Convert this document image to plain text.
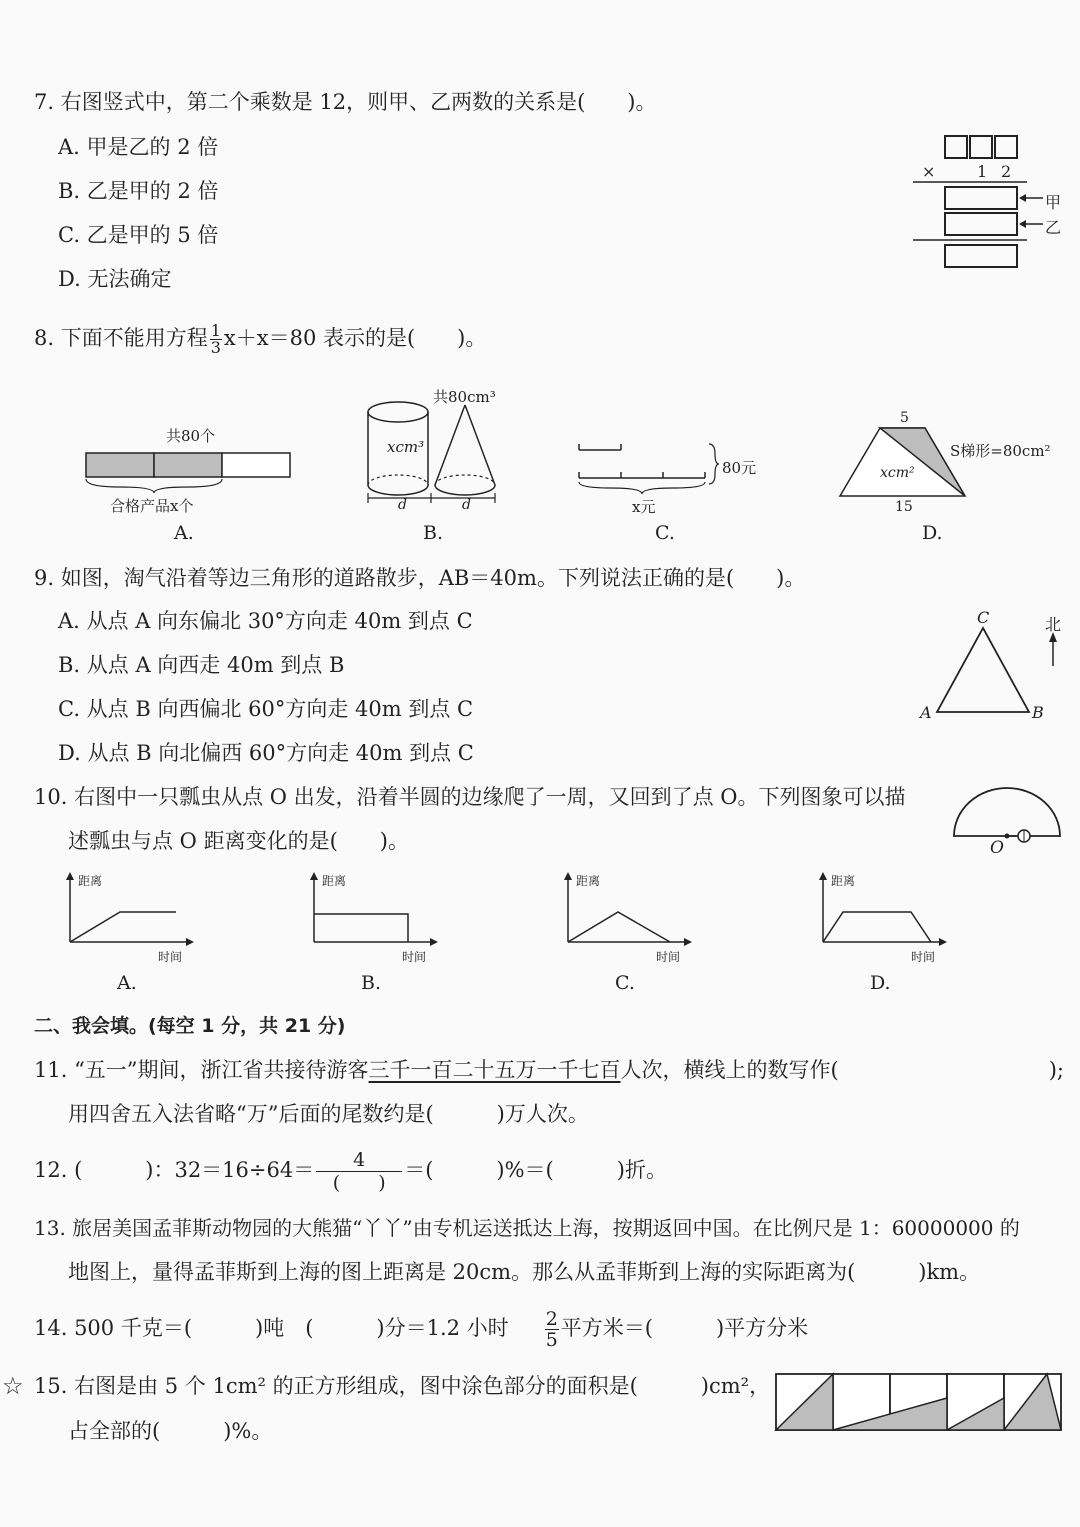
7. 右图竖式中，第二个乘数是 12，则甲、乙两数的关系是(　　)。
A. 甲是乙的 2 倍
B. 乙是甲的 2 倍
C. 乙是甲的 5 倍
D. 无法确定
×	1 2
甲
乙
8. 下面不能用方程 $\frac{1}{3} x+x=80$ 表示的是(　　)。
共80个
合格产品x个
A.
共80cm³
xcm³
d	d
B.
80元
x元
C.
5
xcm²
S梯形=80cm²
15
D.
9. 如图，淘气沿着等边三角形的道路散步，AB＝40m。下列说法正确的是(　　)。
A. 从点 A 向东偏北 30°方向走 40m 到点 C
B. 从点 A 向西走 40m 到点 B
C. 从点 B 向西偏北 60°方向走 40m 到点 C
D. 从点 B 向北偏西 60°方向走 40m 到点 C
C
A	B
北
10. 右图中一只瓢虫从点 O 出发，沿着半圆的边缘爬了一周，又回到了点 O。下列图象可以描
述瓢虫与点 O 距离变化的是(　　)。	O
距离
时间
A.
距离
时间
B.
距离
时间
C.
距离
时间
D.
二、我会填。(每空 1 分，共 21 分)
11. “五一”期间，浙江省共接待游客三千一百二十五万一千七百人次，横线上的数写作(　　　　　　　　　　);
用四舍五入法省略“万”后面的尾数约是(　　　)万人次。
12. (　　　)：$32=16\div 64= \frac{4}{( )}$ ＝(　　　)%＝(　　　)折。
13. 旅居美国孟菲斯动物园的大熊猫“丫丫”由专机运送抵达上海，按期返回中国。在比例尺是 1：60000000 的
地图上，量得孟菲斯到上海的图上距离是 20cm。那么从孟菲斯到上海的实际距离为(　　　)km。
14. 500 千克＝(　　　)吨　(　　　)分＝1.2 小时 $\frac{2}{5}$ 平方米＝(　　　)平方分米
☆ 15. 右图是由 5 个 1cm² 的正方形组成，图中涂色部分的面积是(　　　)cm²，
占全部的(　　　)%。
